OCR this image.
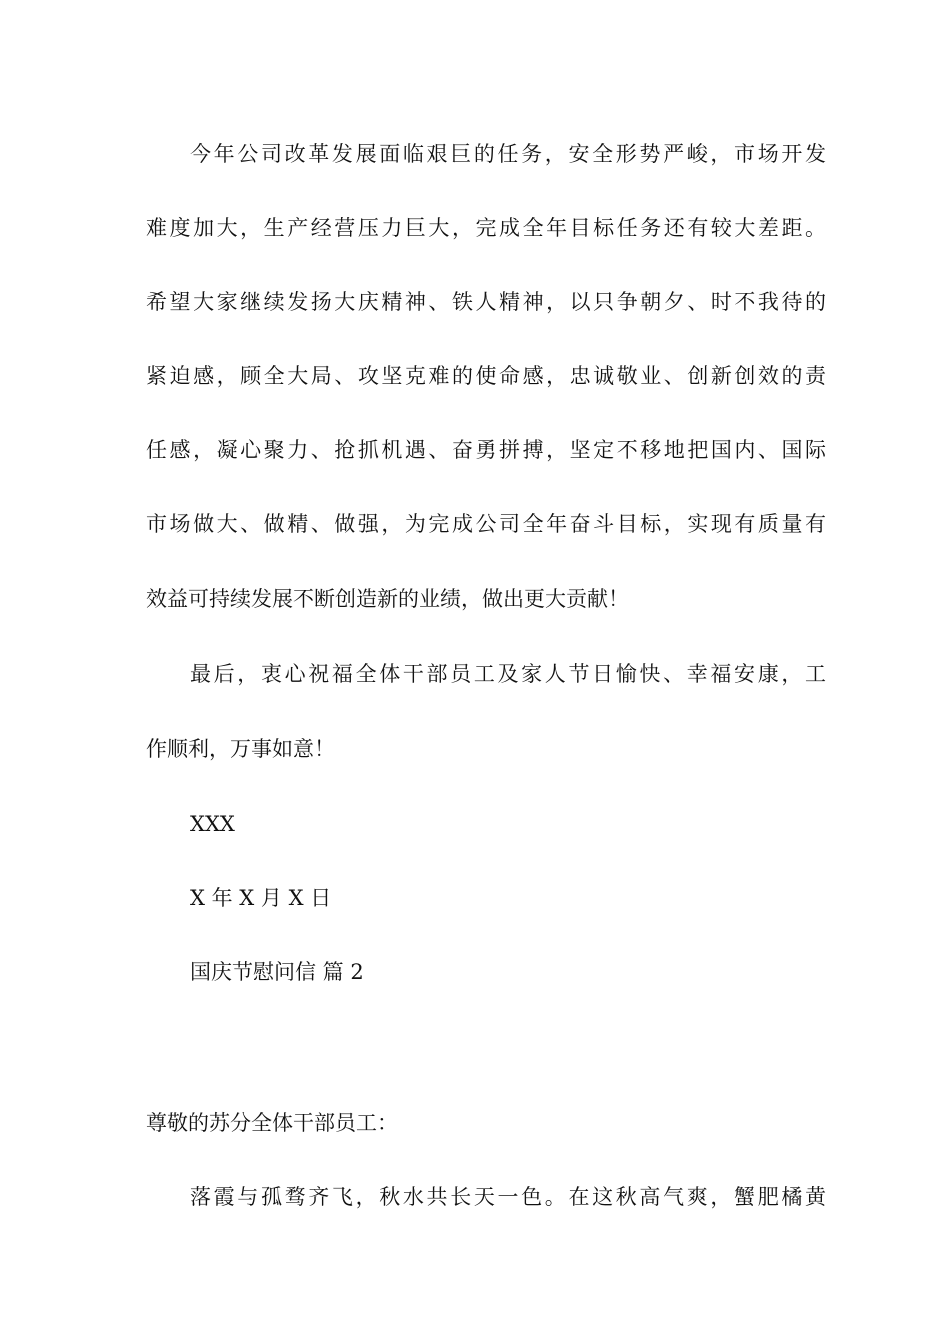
今年公司改革发展面临艰巨的任务，安全形势严峻，市场开发
难度加大，生产经营压力巨大，完成全年目标任务还有较大差距。
希望大家继续发扬大庆精神、铁人精神，以只争朝夕、时不我待的
紧迫感，顾全大局、攻坚克难的使命感，忠诚敬业、创新创效的责
任感，凝心聚力、抢抓机遇、奋勇拼搏，坚定不移地把国内、国际
市场做大、做精、做强，为完成公司全年奋斗目标，实现有质量有
效益可持续发展不断创造新的业绩，做出更大贡献！
最后，衷心祝福全体干部员工及家人节日愉快、幸福安康，工
作顺利，万事如意！
XXX
X 年 X 月 X 日
国庆节慰问信 篇 2
尊敬的苏分全体干部员工：
落霞与孤骛齐飞，秋水共长天一色。在这秋高气爽，蟹肥橘黄
